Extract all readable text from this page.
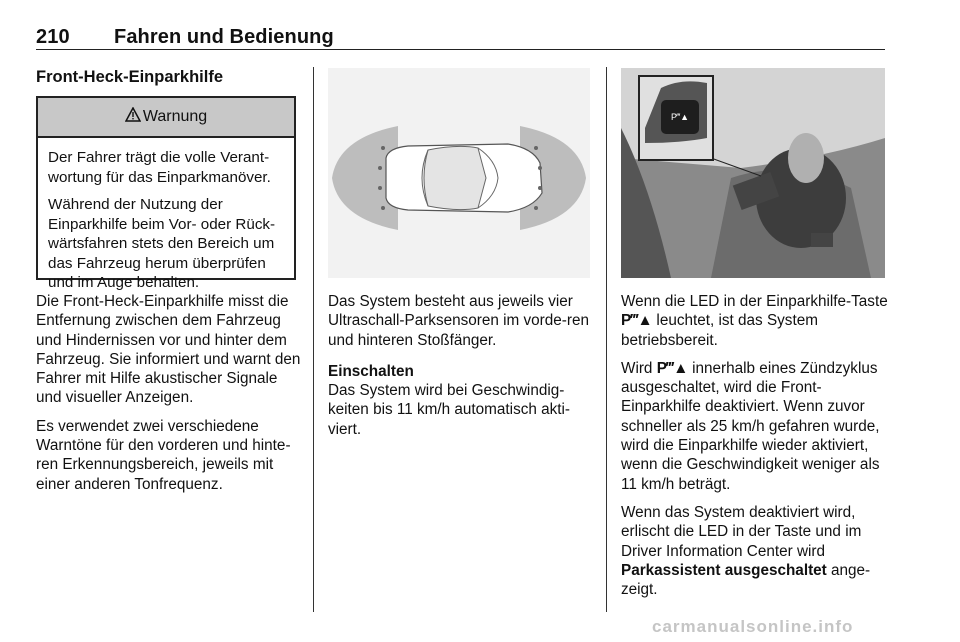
210 Fahren und Bedienung
Front-Heck-Einparkhilfe
Warnung

Der Fahrer trägt die volle Verant-wortung für das Einparkmanöver.

Während der Nutzung der Einparkhilfe beim Vor- oder Rück-wärtsfahren stets den Bereich um das Fahrzeug herum überprüfen und im Auge behalten.

Die Front-Heck-Einparkhilfe misst die Entfernung zwischen dem Fahrzeug und Hindernissen vor und hinter dem Fahrzeug. Sie informiert und warnt den Fahrer mit Hilfe akustischer Signale und visueller Anzeigen.

Es verwendet zwei verschiedene Warntöne für den vorderen und hinte-ren Erkennungsbereich, jeweils mit einer anderen Tonfrequenz.

Das System besteht aus jeweils vier Ultraschall-Parksensoren im vorde-ren und hinteren Stoßfänger.

Einschalten

Das System wird bei Geschwindig-keiten bis 11 km/h automatisch akti-viert.

P‴▲

Wenn die LED in der Einparkhilfe-Taste P‴▲ leuchtet, ist das System betriebsbereit.

Wird P‴▲ innerhalb eines Zündzyklus ausgeschaltet, wird die Front-Einparkhilfe deaktiviert. Wenn zuvor schneller als 25 km/h gefahren wurde, wird die Einparkhilfe wieder aktiviert, wenn die Geschwindigkeit weniger als 11 km/h beträgt.

Wenn das System deaktiviert wird, erlischt die LED in der Taste und im Driver Information Center wird Parkassistent ausgeschaltet ange-zeigt.

carmanualsonline.info
